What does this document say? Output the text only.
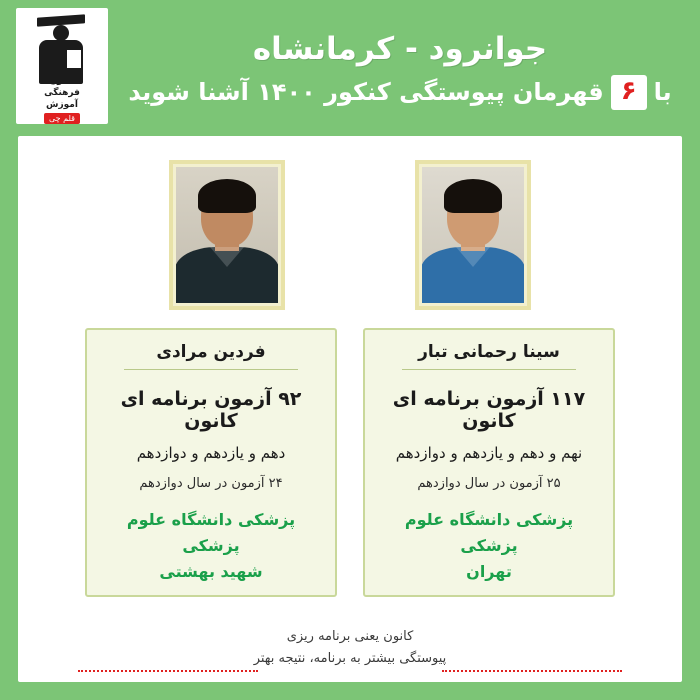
فرهنگی
آموزش
قلم چی
جوانرود - کرمانشاه
با
۶
قهرمان پیوستگی کنکور ۱۴۰۰ آشنا شوید
فردین مرادی
۹۲ آزمون برنامه ای کانون
دهم و یازدهم و دوازدهم
۲۴ آزمون در سال دوازدهم
پزشکی دانشگاه علوم پزشکی
شهید بهشتی
سینا رحمانی تبار
۱۱۷ آزمون برنامه ای کانون
نهم و دهم و یازدهم و دوازدهم
۲۵ آزمون در سال دوازدهم
پزشکی دانشگاه علوم پزشکی
تهران
کانون یعنی برنامه ریزی
پیوستگی بیشتر به برنامه، نتیجه بهتر
